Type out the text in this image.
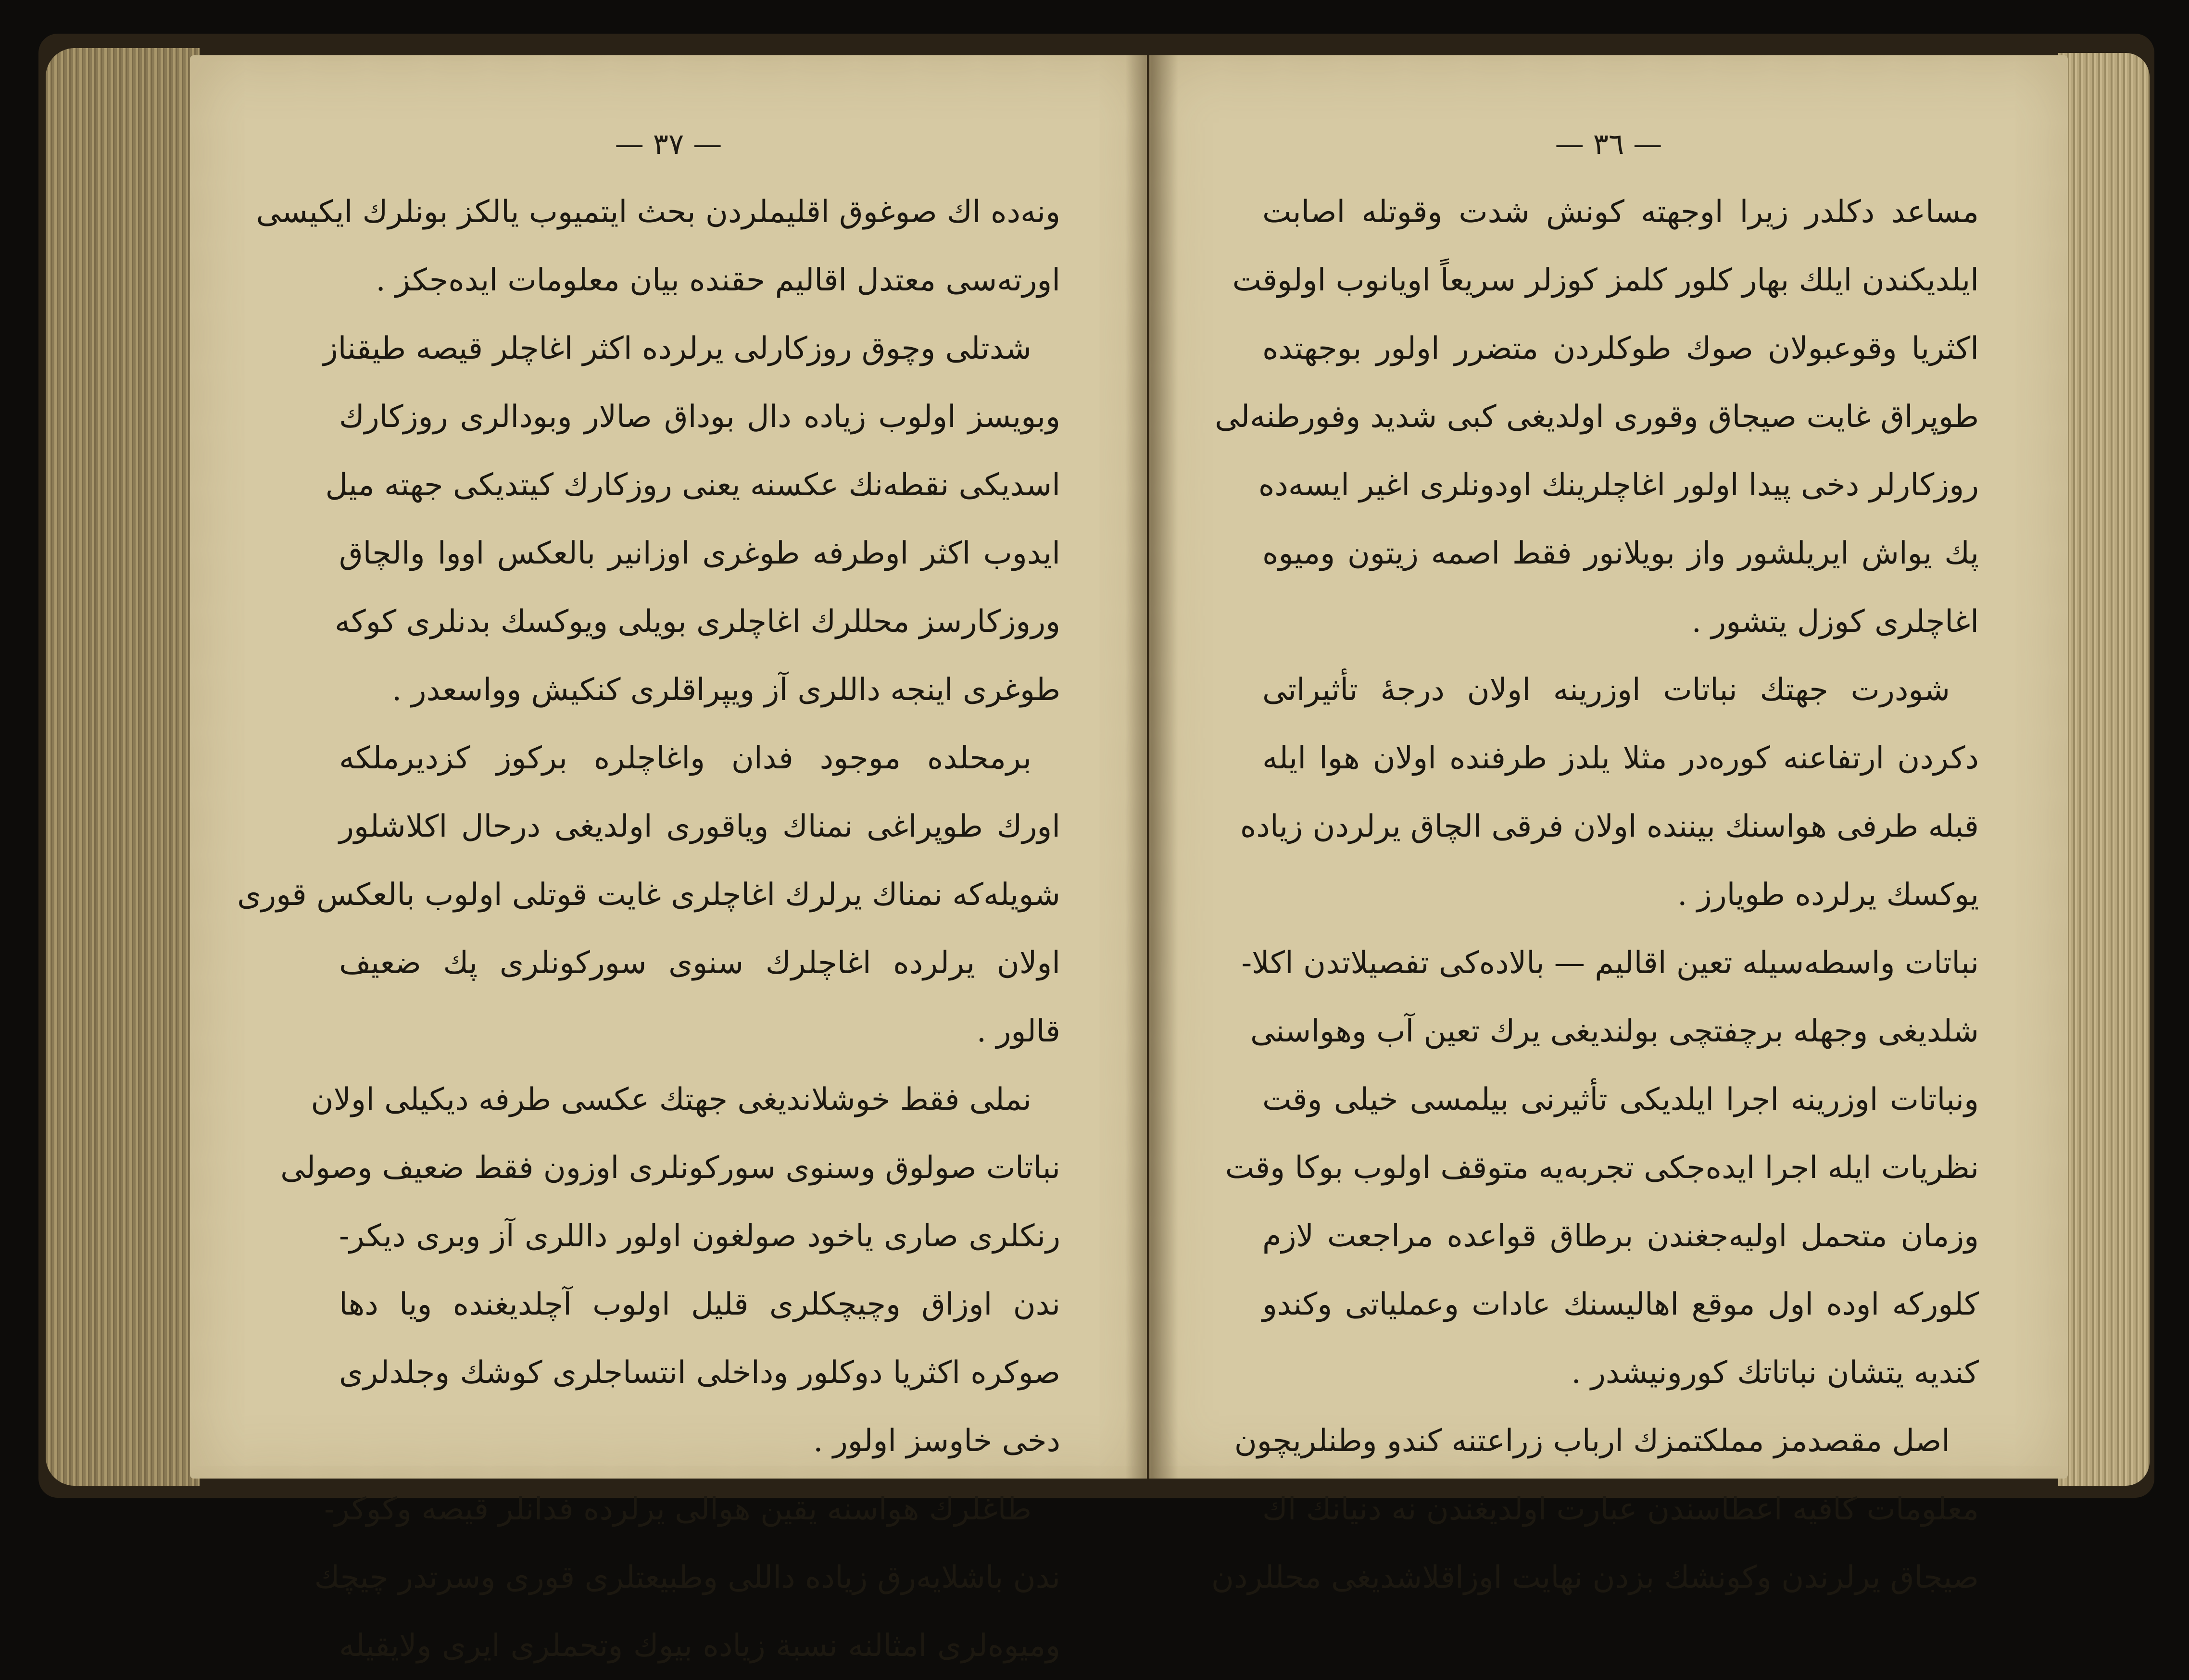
— ٣٧ —
ونه‌ده اك صوغوق اقليملردن بحث ايتميوب يالكز بونلرك ايكيسى
اورته‌سى معتدل اقاليم حقنده بيان معلومات ايده‌جكز .
شدتلى وچوق روزكارلى يرلرده اكثر اغاچلر قيصه طيقناز
وبويسز اولوب زياده دال بوداق صالار وبودالرى روزكارك
اسديكى نقطه‌نك عكسنه يعنى روزكارك كيتديكى جهته ميل
ايدوب اكثر اوطرفه طوغرى اوزانير بالعكس اووا والچاق
وروزكارسز محللرك اغاچلرى بويلى ويوكسك بدنلرى كوكه
طوغرى اينجه داللرى آز ويپراقلرى كنكيش وواسعدر .
برمحلده موجود فدان واغاچلره بركوز كزديرملكه
اورك طوپراغى نمناك وياقورى اولديغى درحال اكلاشلور
شويله‌كه نمناك يرلرك اغاچلرى غايت قوتلى اولوب بالعكس قورى
اولان يرلرده اغاچلرك سنوى سوركونلرى پك ضعيف
قالور .
نملى فقط خوشلانديغى جهتك عكسى طرفه ديكيلى اولان
نباتات صولوق وسنوى سوركونلرى اوزون فقط ضعيف وصولى
رنكلرى صارى ياخود صولغون اولور داللرى آز وبرى ديكر-
ندن اوزاق وچيچكلرى قليل اولوب آچلديغنده ويا دها
صوكره اكثريا دوكلور وداخلى انتساجلرى كوشك وجلدلرى
دخى خاوسز اولور .
طاغلرك هواسنه يقين هوالى يرلرده فدانلر قيصه وكوكر-
ندن باشلايه‌رق زياده داللى وطبيعتلرى قورى وسرتدر چيچك
وميوه‌لرى امثالنه نسبة زياده بيوك وتحملرى ايرى ولايقيله
— ٣٦ —
مساعد دكلدر زيرا اوجهته كونش شدت وقوتله اصابت
ايلديكندن ايلك بهار كلور كلمز كوزلر سريعاً اويانوب اولوقت
اكثريا وقوعبولان صوك طوكلردن متضرر اولور بوجهتده
طوپراق غايت صيجاق وقورى اولديغى كبى شديد وفورطنه‌لى
روزكارلر دخى پيدا اولور اغاچلرينك اودونلرى اغير ايسه‌ده
پك يواش ايريلشور واز بويلانور فقط اصمه زيتون وميوه
اغاچلرى كوزل يتشور .
شودرت جهتك نباتات اوزرينه اولان درجهٔ تأثيراتى
دكردن ارتفاعنه كوره‌در مثلا يلدز طرفنده اولان هوا ايله
قبله طرفى هواسنك بيننده اولان فرقى الچاق يرلردن زياده
يوكسك يرلرده طويارز .
نباتات واسطه‌سيله تعين اقاليم — بالاده‌كى تفصيلاتدن اكلا-
شلديغى وجهله برچفتچى بولنديغى يرك تعين آب وهواسنى
ونباتات اوزرينه اجرا ايلديكى تأثيرنى بيلمسى خيلى وقت
نظريات ايله اجرا ايده‌جكى تجربه‌يه متوقف اولوب بوكا وقت
وزمان متحمل اوليه‌جغندن برطاق قواعده مراجعت لازم
كلوركه اوده اول موقع اهاليسنك عادات وعملياتى وكندو
كنديه يتشان نباتاتك كورونيشدر .
اصل مقصدمز مملكتمزك ارباب زراعتنه كندو وطنلريچون
معلومات كافيه اعطاسندن عبارت اولديغندن نه دنيانك اك
صيجاق يرلرندن وكونشك بزدن نهايت اوزاقلاشديغى محللردن
